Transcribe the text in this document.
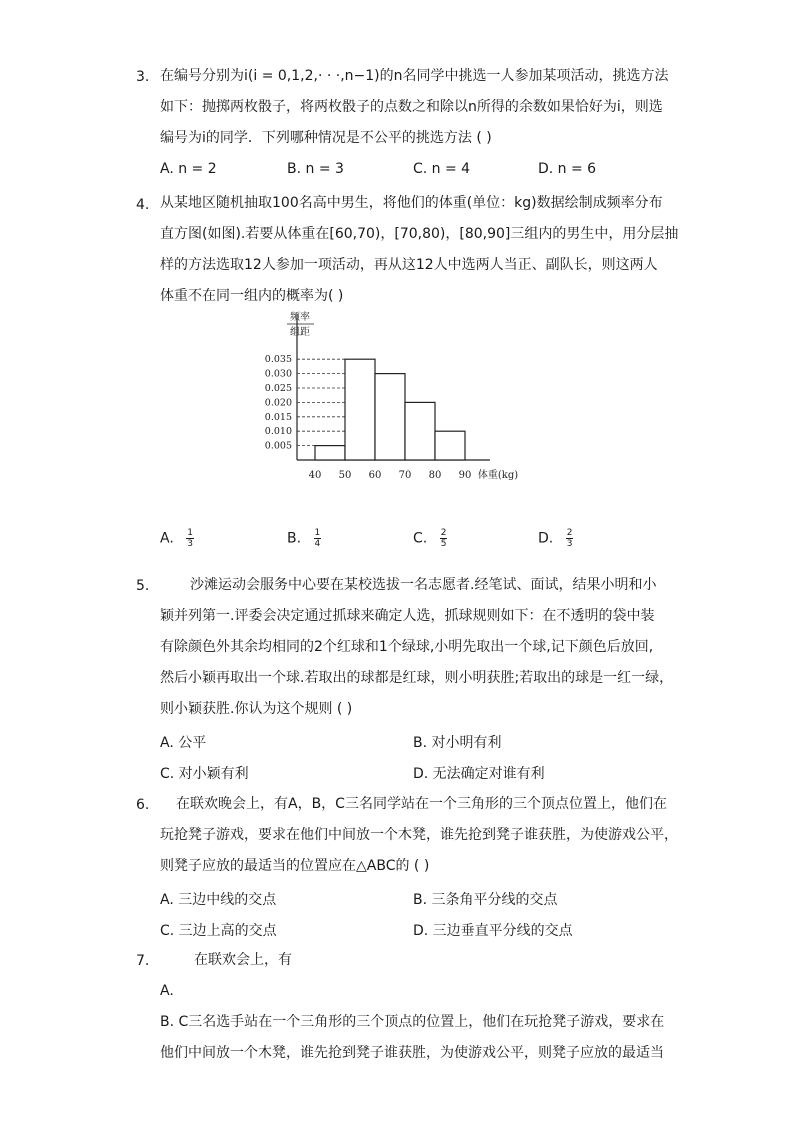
3. 在编号分别为i(i = 0,1,2,· · ·,n−1)的n名同学中挑选一人参加某项活动，挑选方法
如下：抛掷两枚骰子，将两枚骰子的点数之和除以n所得的余数如果恰好为i，则选
编号为i的同学．下列哪种情况是不公平的挑选方法 ( )
A. n = 2	B. n = 3	C. n = 4	D. n = 6
4. 从某地区随机抽取100名高中男生，将他们的体重(单位：kg)数据绘制成频率分布
直方图(如图).若要从体重在[60,70)，[70,80)，[80,90]三组内的男生中，用分层抽
样的方法选取12人参加一项活动，再从这12人中选两人当正、副队长，则这两人
体重不在同一组内的概率为( )
频率
组距
0.005
0.010
0.015
0.020
0.025
0.030
0.035
40 50 60 70 80 90 体重(kg)
A. $\frac{1}{3}$	B. $\frac{1}{4}$	C. $\frac{2}{5}$	D. $\frac{2}{3}$
5.	沙滩运动会服务中心要在某校选拔一名志愿者.经笔试、面试，结果小明和小
颖并列第一.评委会决定通过抓球来确定人选，抓球规则如下：在不透明的袋中装
有除颜色外其余均相同的2个红球和1个绿球,小明先取出一个球,记下颜色后放回,
然后小颖再取出一个球.若取出的球都是红球，则小明获胜;若取出的球是一红一绿，
则小颖获胜.你认为这个规则 ( )
A. 公平	B. 对小明有利
C. 对小颖有利	D. 无法确定对谁有利
6. 在联欢晚会上，有A，B，C三名同学站在一个三角形的三个顶点位置上，他们在
玩抢凳子游戏，要求在他们中间放一个木凳，谁先抢到凳子谁获胜，为使游戏公平，
则凳子应放的最适当的位置应在△ABC的 ( )
A. 三边中线的交点	B. 三条角平分线的交点
C. 三边上高的交点	D. 三边垂直平分线的交点
7.	在联欢会上，有
A.
B. C三名选手站在一个三角形的三个顶点的位置上，他们在玩抢凳子游戏，要求在
他们中间放一个木凳，谁先抢到凳子谁获胜，为使游戏公平，则凳子应放的最适当
